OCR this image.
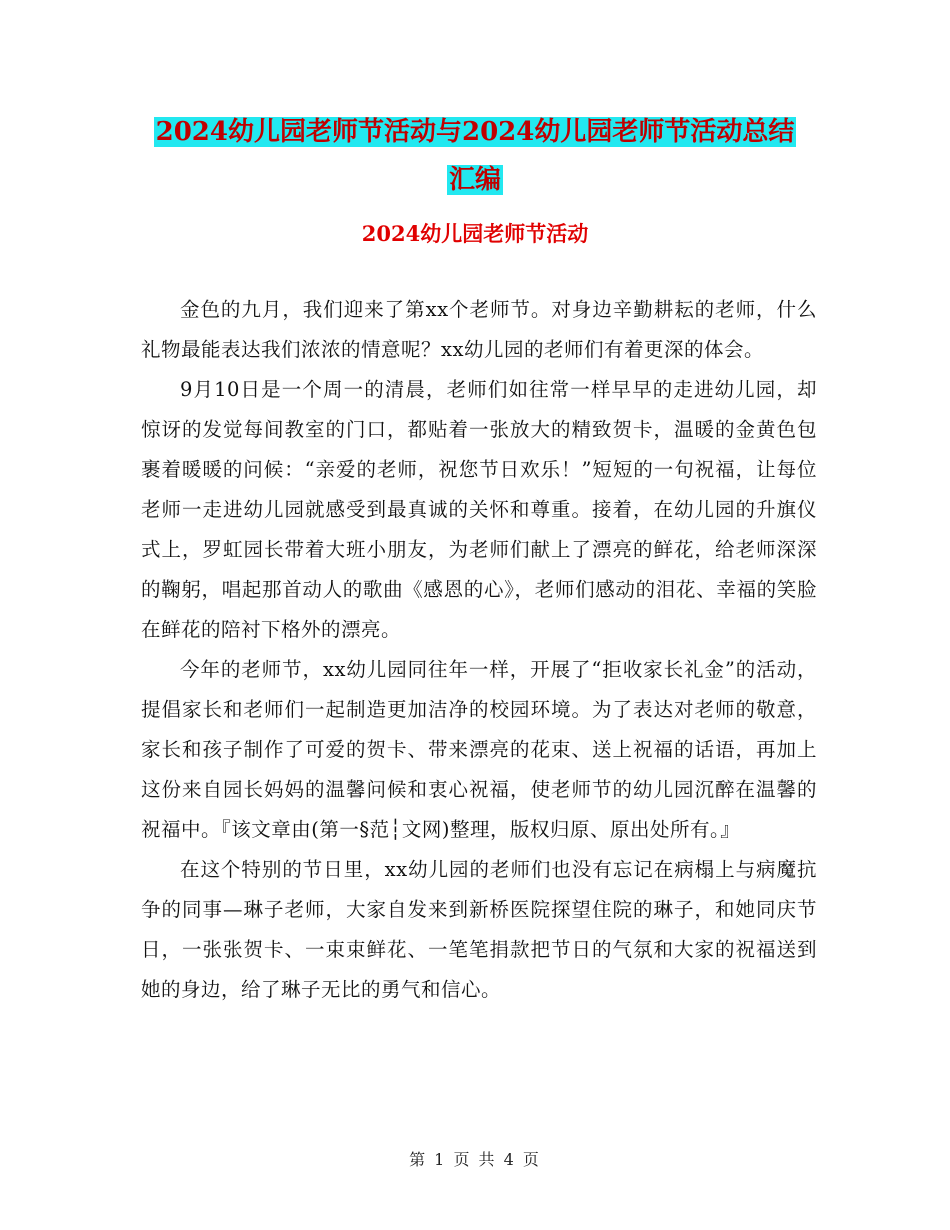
2024幼儿园老师节活动与2024幼儿园老师节活动总结
汇编
2024幼儿园老师节活动

金色的九月，我们迎来了第xx个老师节。对身边辛勤耕耘的老师，什么礼物最能表达我们浓浓的情意呢？xx幼儿园的老师们有着更深的体会。

9月10日是一个周一的清晨，老师们如往常一样早早的走进幼儿园，却惊讶的发觉每间教室的门口，都贴着一张放大的精致贺卡，温暖的金黄色包裹着暖暖的问候：“亲爱的老师，祝您节日欢乐！”短短的一句祝福，让每位老师一走进幼儿园就感受到最真诚的关怀和尊重。接着，在幼儿园的升旗仪式上，罗虹园长带着大班小朋友，为老师们献上了漂亮的鲜花，给老师深深的鞠躬，唱起那首动人的歌曲《感恩的心》，老师们感动的泪花、幸福的笑脸在鲜花的陪衬下格外的漂亮。

今年的老师节，xx幼儿园同往年一样，开展了“拒收家长礼金”的活动，提倡家长和老师们一起制造更加洁净的校园环境。为了表达对老师的敬意，家长和孩子制作了可爱的贺卡、带来漂亮的花束、送上祝福的话语，再加上这份来自园长妈妈的温馨问候和衷心祝福，使老师节的幼儿园沉醉在温馨的祝福中。『该文章由(第一§范┆文网)整理，版权归原、原出处所有。』

在这个特别的节日里，xx幼儿园的老师们也没有忘记在病榻上与病魔抗争的同事—琳子老师，大家自发来到新桥医院探望住院的琳子，和她同庆节日，一张张贺卡、一束束鲜花、一笔笔捐款把节日的气氛和大家的祝福送到她的身边，给了琳子无比的勇气和信心。

第 1 页 共 4 页
